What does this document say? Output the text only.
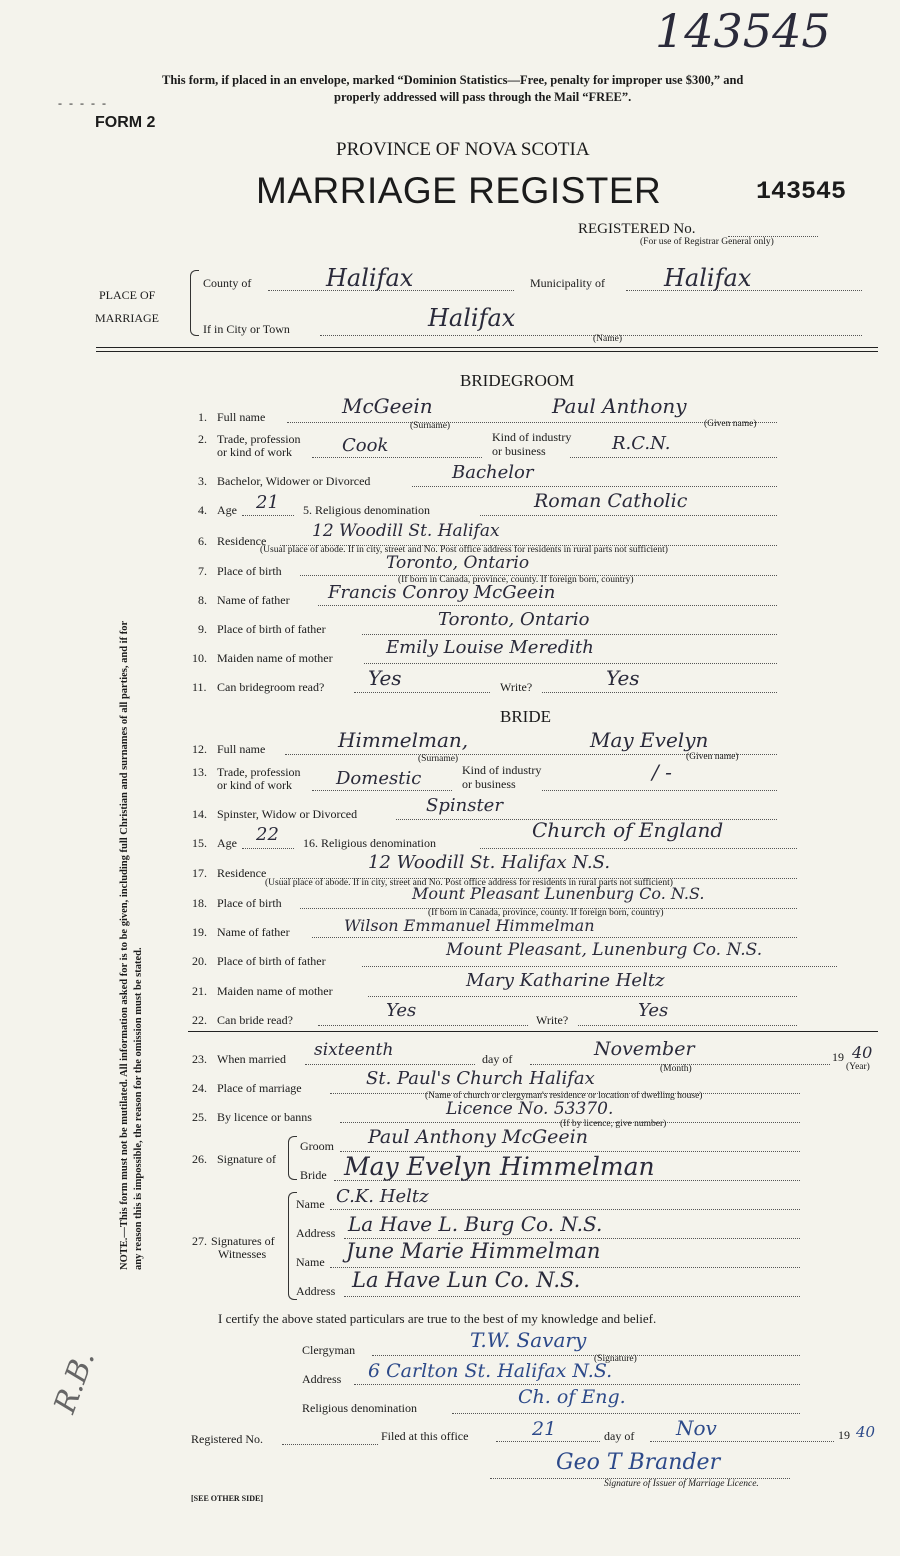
143545
This form, if placed in an envelope, marked “Dominion Statistics—Free, penalty for improper use $300,” and
properly addressed will pass through the Mail “FREE”.
- - - - -
FORM 2
PROVINCE OF NOVA SCOTIA
MARRIAGE REGISTER	143545
REGISTERED No.
(For use of Registrar General only)
PLACE OF
MARRIAGE
County of	Halifax	Municipality of Halifax
If in City or Town	Halifax
(Name)
BRIDEGROOM
1. Full name	McGeein	Paul Anthony
(Surname)	(Given name)
2. Trade, profession
or kind of work	Cook	Kind of industry
or business	R.C.N.
3. Bachelor, Widower or Divorced	Bachelor
4. Age 21 5. Religious denomination	Roman Catholic
6. Residence	12 Woodill St. Halifax
(Usual place of abode. If in city, street and No. Post office address for residents in rural parts not sufficient)
7. Place of birth	Toronto, Ontario
(If born in Canada, province, county. If foreign born, country)
8. Name of father Francis Conroy McGeein
9. Place of birth of father	Toronto, Ontario
10. Maiden name of mother	Emily Louise Meredith
11. Can bridegroom read? Yes	Write?	Yes
BRIDE
12. Full name	Himmelman,	May Evelyn
(Surname)	(Given name)
13. Trade, profession
or kind of work Domestic	Kind of industry
or business	/ -
14. Spinster, Widow or Divorced	Spinster
15. Age 22 16. Religious denomination
Church of England
17. Residence	12 Woodill St. Halifax N.S.
(Usual place of abode. If in city, street and No. Post office address for residents in rural parts not sufficient)
18. Place of birth	Mount Pleasant Lunenburg Co. N.S.
(If born in Canada, province, county. If foreign born, country)
19. Name of father	Wilson Emmanuel Himmelman
20. Place of birth of father
Mount Pleasant, Lunenburg Co. N.S.
21. Maiden name of mother	Mary Katharine Heltz
22. Can bride read?	Yes	Write?	Yes
23. When married sixteenth	day of	November
(Month)
19 40
(Year)
24. Place of marriage	St. Paul's Church Halifax
(Name of church or clergyman's residence or location of dwelling house)
25. By licence or banns	Licence No. 53370.
(If by licence, give number)
26. Signature of
Groom Paul Anthony McGeein
Bride May Evelyn Himmelman
27. Signatures of
Witnesses
Name C.K. Heltz
Address La Have L. Burg Co. N.S.
Name June Marie Himmelman
Address La Have Lun Co. N.S.
I certify the above stated particulars are true to the best of my knowledge and belief.
Clergyman	T.W. Savary
(Signature)
Address 6 Carlton St. Halifax N.S.
Religious denomination	Ch. of Eng.
Registered No.	Filed at this office	21	day of Nov	19 40
Geo T Brander
Signature of Issuer of Marriage Licence.
NOTE.—This form must not be mutilated. All information asked for is to be given, including full Christian and surnames of all parties, and if for any reason this is impossible, the reason for the omission must be stated.
R.B.
[SEE OTHER SIDE]
